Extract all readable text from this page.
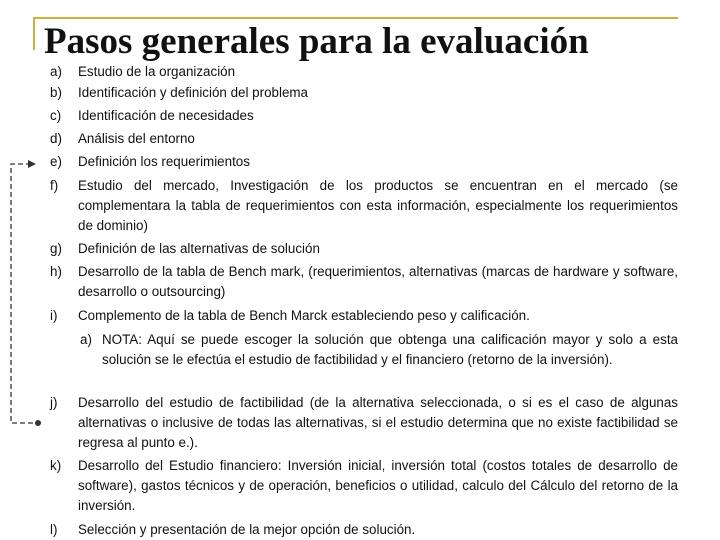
Pasos generales para la evaluación
a) Estudio de la organización
b) Identificación y definición del problema
c) Identificación de necesidades
d) Análisis del entorno
e) Definición los requerimientos
f) Estudio del mercado, Investigación de los productos se encuentran en el mercado (se complementara la tabla de requerimientos con esta información, especialmente los requerimientos de dominio)
g) Definición de las alternativas de solución
h) Desarrollo de la tabla de Bench mark, (requerimientos, alternativas (marcas de hardware y software, desarrollo o outsourcing)
i) Complemento de la tabla de Bench Marck estableciendo peso y calificación.
a) NOTA: Aquí se puede escoger la solución que obtenga una calificación mayor y solo a esta solución se le efectúa el estudio de factibilidad y el financiero (retorno de la inversión).
j) Desarrollo del estudio de factibilidad (de la alternativa seleccionada, o si es el caso de algunas alternativas o inclusive de todas las alternativas, si el estudio determina que no existe factibilidad se regresa al punto e.).
k) Desarrollo del Estudio financiero: Inversión inicial, inversión total (costos totales de desarrollo de software), gastos técnicos y de operación, beneficios o utilidad, calculo del Cálculo del retorno de la inversión.
l) Selección y presentación de la mejor opción de solución.
